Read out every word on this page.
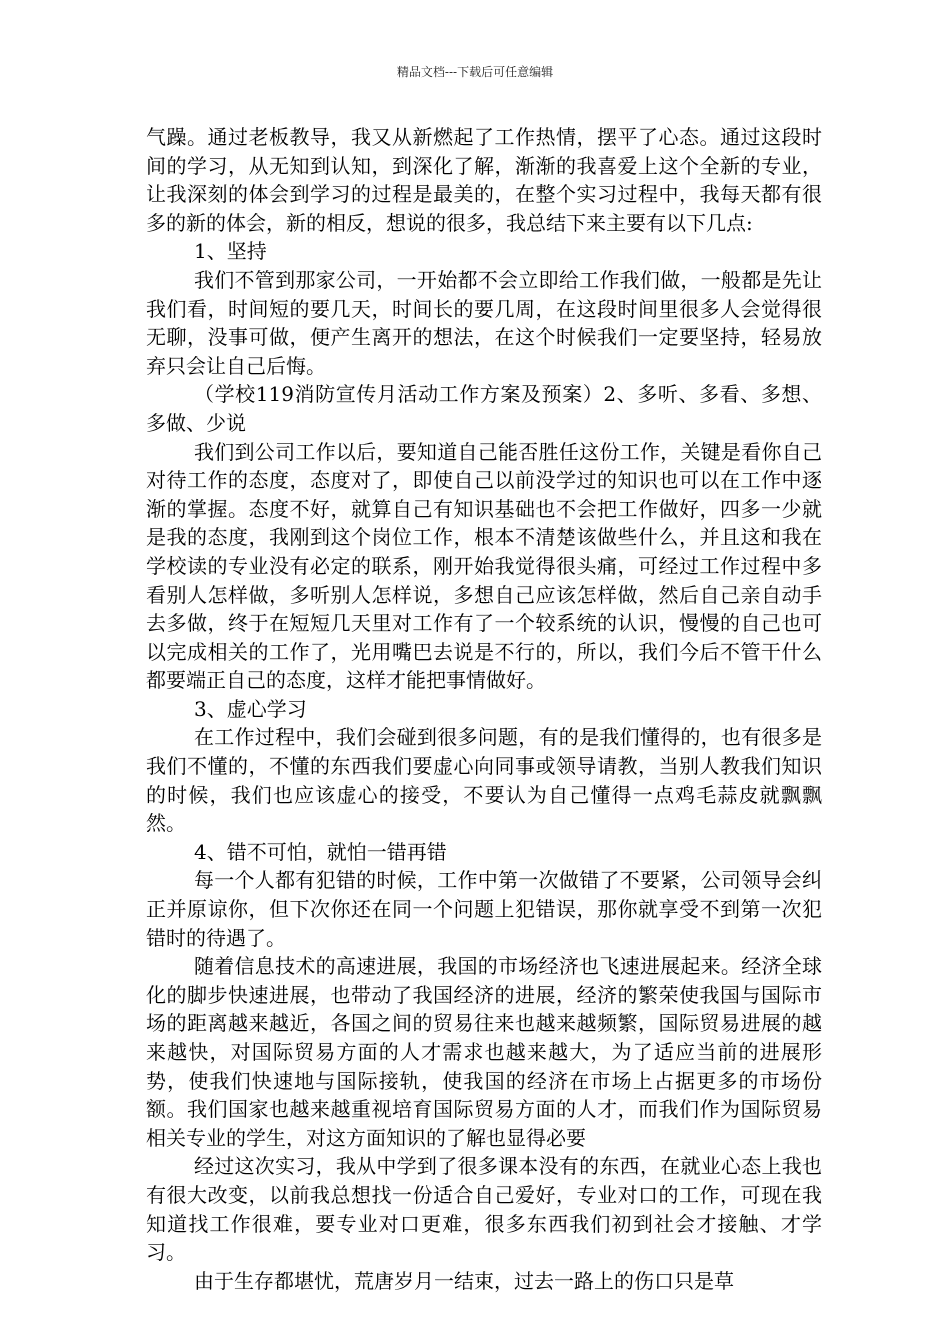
精品文档---下载后可任意编辑

气躁。通过老板教导，我又从新燃起了工作热情，摆平了心态。通过这段时间的学习，从无知到认知，到深化了解，渐渐的我喜爱上这个全新的专业，让我深刻的体会到学习的过程是最美的，在整个实习过程中，我每天都有很多的新的体会，新的相反，想说的很多，我总结下来主要有以下几点:

1、坚持

我们不管到那家公司，一开始都不会立即给工作我们做，一般都是先让我们看，时间短的要几天，时间长的要几周，在这段时间里很多人会觉得很无聊，没事可做，便产生离开的想法，在这个时候我们一定要坚持，轻易放弃只会让自己后悔。

（学校119消防宣传月活动工作方案及预案）2、多听、多看、多想、多做、少说

我们到公司工作以后，要知道自己能否胜任这份工作，关键是看你自己对待工作的态度，态度对了，即使自己以前没学过的知识也可以在工作中逐渐的掌握。态度不好，就算自己有知识基础也不会把工作做好，四多一少就是我的态度，我刚到这个岗位工作，根本不清楚该做些什么，并且这和我在学校读的专业没有必定的联系，刚开始我觉得很头痛，可经过工作过程中多看别人怎样做，多听别人怎样说，多想自己应该怎样做，然后自己亲自动手去多做，终于在短短几天里对工作有了一个较系统的认识，慢慢的自己也可以完成相关的工作了，光用嘴巴去说是不行的，所以，我们今后不管干什么都要端正自己的态度，这样才能把事情做好。

3、虚心学习

在工作过程中，我们会碰到很多问题，有的是我们懂得的，也有很多是我们不懂的，不懂的东西我们要虚心向同事或领导请教，当别人教我们知识的时候，我们也应该虚心的接受，不要认为自己懂得一点鸡毛蒜皮就飘飘然。

4、错不可怕，就怕一错再错

每一个人都有犯错的时候，工作中第一次做错了不要紧，公司领导会纠正并原谅你，但下次你还在同一个问题上犯错误，那你就享受不到第一次犯错时的待遇了。

随着信息技术的高速进展，我国的市场经济也飞速进展起来。经济全球化的脚步快速进展，也带动了我国经济的进展，经济的繁荣使我国与国际市场的距离越来越近，各国之间的贸易往来也越来越频繁，国际贸易进展的越来越快，对国际贸易方面的人才需求也越来越大，为了适应当前的进展形势，使我们快速地与国际接轨，使我国的经济在市场上占据更多的市场份额。我们国家也越来越重视培育国际贸易方面的人才，而我们作为国际贸易相关专业的学生，对这方面知识的了解也显得必要

经过这次实习，我从中学到了很多课本没有的东西，在就业心态上我也有很大改变，以前我总想找一份适合自己爱好，专业对口的工作，可现在我知道找工作很难，要专业对口更难，很多东西我们初到社会才接触、才学习。

由于生存都堪忧，荒唐岁月一结束，过去一路上的伤口只是草
